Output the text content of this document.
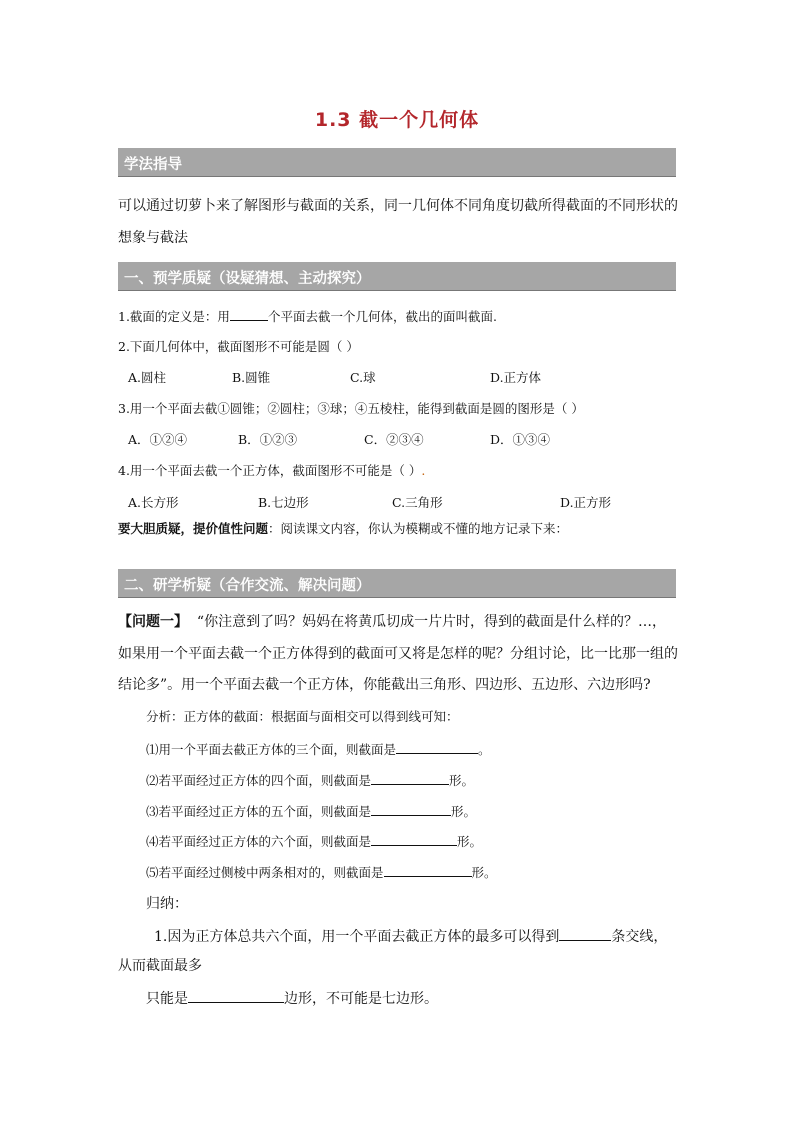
1.3 截一个几何体
学法指导
可以通过切萝卜来了解图形与截面的关系，同一几何体不同角度切截所得截面的不同形状的
想象与截法
一、预学质疑（设疑猜想、主动探究）
1.截面的定义是：用	个平面去截一个几何体，截出的面叫截面.
2.下面几何体中，截面图形不可能是圆（ ）
A.圆柱	B.圆锥	C.球	D.正方体
3.用一个平面去截①圆锥；②圆柱；③球；④五棱柱，能得到截面是圆的图形是（ ）
A．①②④	B．①②③	C．②③④	D．①③④
4.用一个平面去截一个正方体，截面图形不可能是（ ）.
A.长方形	B.七边形	C.三角形	D.正方形
要大胆质疑，提价值性问题：阅读课文内容，你认为模糊或不懂的地方记录下来：
二、研学析疑（合作交流、解决问题）
【问题一】 “你注意到了吗？妈妈在将黄瓜切成一片片时，得到的截面是什么样的？…，
如果用一个平面去截一个正方体得到的截面可又将是怎样的呢？分组讨论，比一比那一组的
结论多”。用一个平面去截一个正方体，你能截出三角形、四边形、五边形、六边形吗?
分析：正方体的截面：根据面与面相交可以得到线可知：
⑴用一个平面去截正方体的三个面，则截面是	。
⑵若平面经过正方体的四个面，则截面是	形。
⑶若平面经过正方体的五个面，则截面是	形。
⑷若平面经过正方体的六个面，则截面是	形。
⑸若平面经过侧棱中两条相对的，则截面是	形。
归纳：
1.因为正方体总共六个面，用一个平面去截正方体的最多可以得到	条交线，
从而截面最多
只能是	边形，不可能是七边形。
